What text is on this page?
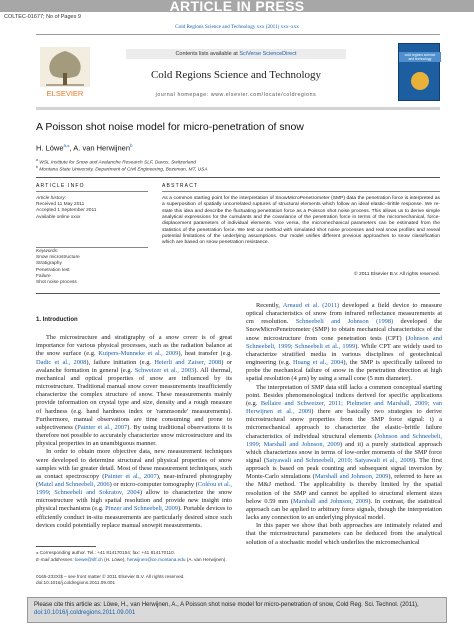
ARTICLE IN PRESS
COLTEC-01677; No of Pages 9
Cold Regions Science and Technology xxx (2011) xxx–xxx
ELSEVIER
Contents lists available at SciVerse ScienceDirect
Cold Regions Science and Technology
journal homepage: www.elsevier.com/locate/coldregions
cold regions science and technology
A Poisson shot noise model for micro-penetration of snow
H. Löwe$^{a,⁎}$, A. van Herwijnen$^b$
$^a$ WSL Institute for Snow and Avalanche Research SLF, Davos, Switzerland
$^b$ Montana State University, Department of Civil Engineering, Bozeman, MT, USA
ARTICLE INFO	ABSTRACT
Article history:
Received 11 May 2011
Accepted 1 September 2011
Available online xxxx
Keywords:
Snow microstructure
Stratigraphy
Penetration test
Failure
Shot noise process
As a common starting point for the interpretation of SnowMicroPenetrometer (SMP) data the penetration force is interpreted as a superposition of spatially uncorrelated ruptures of structural elements which follow an ideal elastic–brittle response. We re-state this idea and describe the fluctuating penetration force as a Poisson shot noise process. This allows us to derive simple analytical expressions for the cumulants and the covariance of the penetration force in terms of the micromechanical, force-displacement parameters of individual elements. Vice versa, the micromechanical parameters can be estimated from the statistics of the penetration force. We test our method with simulated shot noise processes and real snow profiles and reveal potential limitations of the underlying assumptions. Our model unifies different previous approaches to snow classification which are based on snow penetration resistance.
© 2011 Elsevier B.V. All rights reserved.
1. Introduction

The microstructure and stratigraphy of a snow cover is of great importance for various physical processes, such as the radiation balance at the snow surface (e.g. Kuipers-Munneke et al., 2009), heat transfer (e.g. Dadic et al., 2008), failure initiation (e.g. Heierli and Zaiser, 2008) or avalanche formation in general (e.g. Schweizer et al., 2003). All thermal, mechanical and optical properties of snow are influenced by its microstructure. Traditional manual snow cover measurements insufficiently characterize the complex structure of snow. These measurements mainly provide information on crystal type and size, density and a rough measure of hardness (e.g. hand hardness index or 'rammsonde' measurements). Furthermore, manual observations are time consuming and prone to subjectiveness (Painter et al., 2007). By using traditional observations it is therefore not possible to accurately characterize snow microstructure and its physical properties in an unambiguous manner.

In order to obtain more objective data, new measurement techniques were developed to determine structural and physical properties of snow samples with far greater detail. Most of these measurement techniques, such as contact spectroscopy (Painter et al., 2007), near-infrared photography (Matzl and Schneebeli, 2006) or micro-computer tomography (Coléou et al., 1999; Schneebeli and Sokratov, 2004) allow to characterize the snow microstructure with high spatial resolution and provide new insight into physical mechanisms (e.g. Pinzer and Schneebeli, 2009). Portable devices to efficiently conduct in-situ measurements are particularly desired since such devices could potentially replace manual snowpit measurements.

Recently, Arnaud et al. (2011) developed a field device to measure optical characteristics of snow from infrared reflectance measurements at cm resolution. Schneebeli and Johnson (1998) developed the SnowMicroPenetrometer (SMP) to obtain mechanical characteristics of the snow microstructure from cone penetration tests (CPT) (Johnson and Schneebeli, 1999; Schneebeli et al., 1999). While CPT are widely used to characterize stratified media in various disciplines of geotechnical engineering (e.g. Huang et al., 2004), the SMP is specifically tailored to probe the mechanical failure of snow in the penetration direction at high spatial resolution (4 μm) by using a small cone (5 mm diameter).

The interpretation of SMP data still lacks a common conceptual starting point. Besides phenomenological indices derived for specific applications (e.g. Bellaire and Schweizer, 2011; Pielmeier and Marshall, 2009; van Herwijnen et al., 2009) there are basically two strategies to derive microstructural snow properties from the SMP force signal: i) a micromechanical approach to characterize the elastic–brittle failure characteristics of individual structural elements (Johnson and Schneebeli, 1999; Marshall and Johnson, 2009) and ii) a purely statistical approach which characterizes snow in terms of low-order moments of the SMP force signal (Satyawali and Schneebeli, 2010; Satyawali et al., 2009). The first approach is based on peak counting and subsequent signal inversion by Monte-Carlo simulations (Marshall and Johnson, 2009), referred to here as the M&J method. The applicability is thereby limited by the spatial resolution of the SMP and cannot be applied to structural element sizes below 0.59 mm (Marshall and Johnson, 2009). In contrast, the statistical approach can be applied to arbitrary force signals, though the interpretation lacks any connection to an underlying physical model.

In this paper we show that both approaches are intimately related and that the microstructural parameters can be deduced from the analytical solution of a stochastic model which underlies the micromechanical

⁎ Corresponding author. Tel.: +41 814170154; fax: +41 814170110.
E-mail addresses: loewe@slf.ch (H. Löwe), herwijnen@ce.montana.edu (A. van Herwijnen).
0165-232X/$ – see front matter © 2011 Elsevier B.V. All rights reserved.
doi:10.1016/j.coldregions.2011.09.001
Please cite this article as: Löwe, H., van Herwijnen, A., A Poisson shot noise model for micro-penetration of snow, Cold Reg. Sci. Technol. (2011), doi:10.1016/j.coldregions.2011.09.001
